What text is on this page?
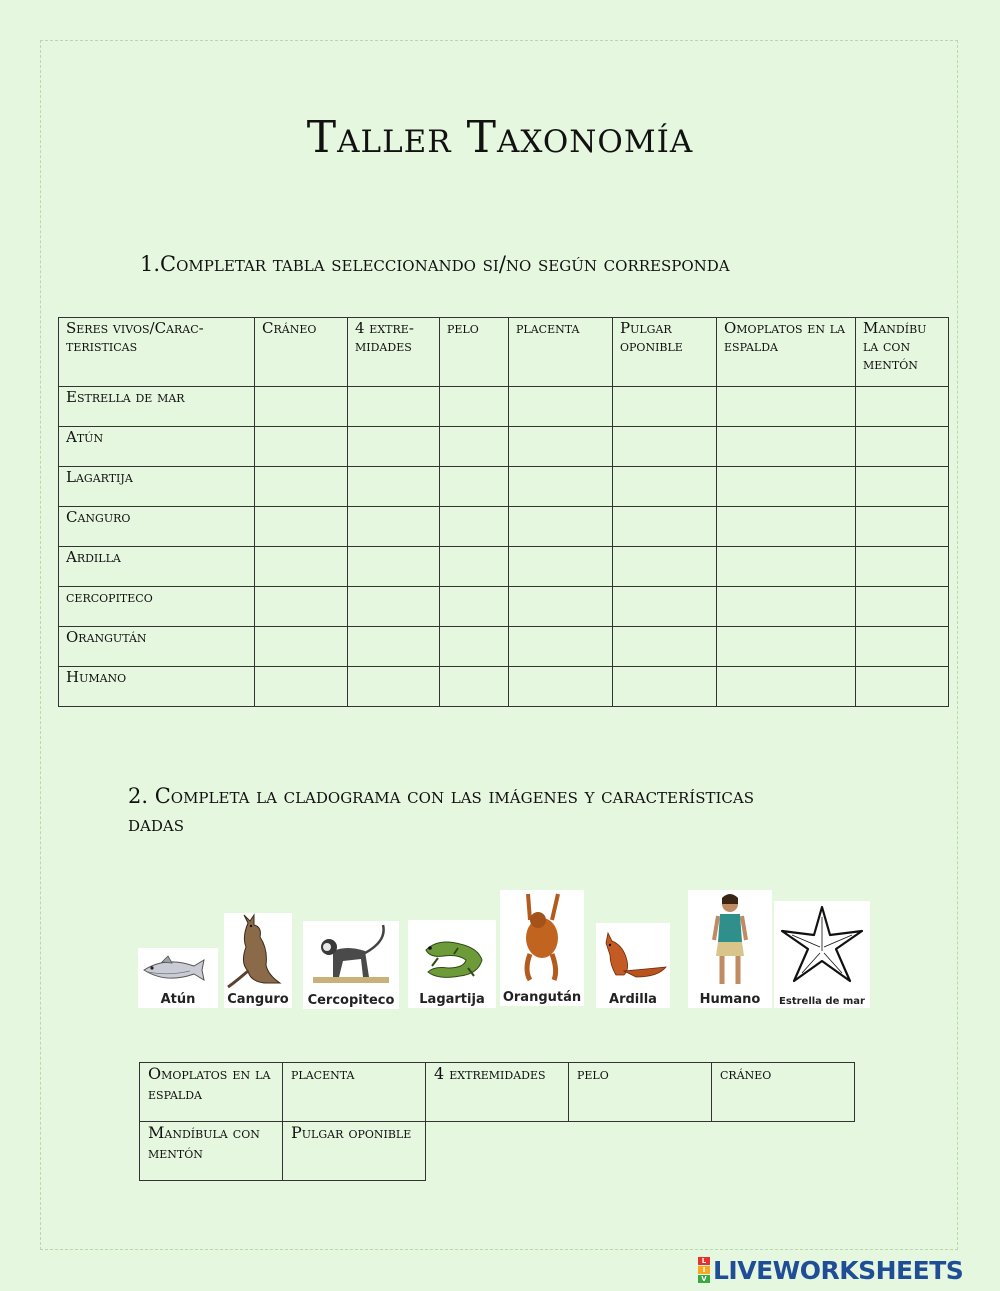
Taller Taxonomía
1.Completar tabla seleccionando si/no según corresponda
Seres vivos/Carac-teristicas	Cráneo	4 extre-midades	pelo	placenta	Pulgar oponible	Omoplatos en la espalda	Mandíbu la con mentón
Estrella de mar							
Atún							
Lagartija							
Canguro							
Ardilla							
cercopiteco							
Orangután							
Humano							
2. Completa la cladograma con las imágenes y características dadas
Atún	Canguro	Cercopiteco	Lagartija	Orangután	Ardilla	Humano	Estrella de mar
Omoplatos en la espalda	placenta	4 extremidades	pelo	cráneo
Mandíbula con mentón	Pulgar oponible			
L
I
V LIVEWORKSHEETS
